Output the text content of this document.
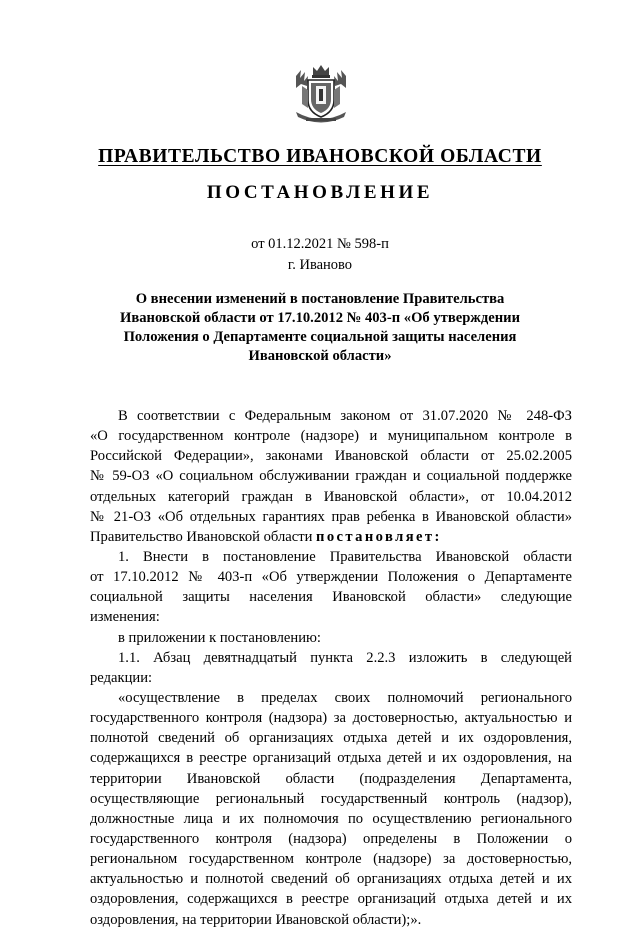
ПРАВИТЕЛЬСТВО ИВАНОВСКОЙ ОБЛАСТИ
ПОСТАНОВЛЕНИЕ
от 01.12.2021 № 598-п
г. Иваново
О внесении изменений в постановление Правительства
Ивановской области от 17.10.2012 № 403-п «Об утверждении
Положения о Департаменте социальной защиты населения
Ивановской области»
В соответствии с Федеральным законом от 31.07.2020 № 248-ФЗ
«О государственном контроле (надзоре) и муниципальном контроле в
Российской Федерации», законами Ивановской области от 25.02.2005
№ 59-ОЗ «О социальном обслуживании граждан и социальной поддержке
отдельных категорий граждан в Ивановской области», от 10.04.2012
№ 21-ОЗ «Об отдельных гарантиях прав ребенка в Ивановской области»
Правительство Ивановской области постановляет:
1. Внести в постановление Правительства Ивановской области
от 17.10.2012 № 403-п «Об утверждении Положения о Департаменте
социальной защиты населения Ивановской области» следующие
изменения:
в приложении к постановлению:
1.1. Абзац девятнадцатый пункта 2.2.3 изложить в следующей
редакции:
«осуществление в пределах своих полномочий регионального
государственного контроля (надзора) за достоверностью, актуальностью и
полнотой сведений об организациях отдыха детей и их оздоровления,
содержащихся в реестре организаций отдыха детей и их оздоровления, на
территории Ивановской области (подразделения Департамента,
осуществляющие региональный государственный контроль (надзор),
должностные лица и их полномочия по осуществлению регионального
государственного контроля (надзора) определены в Положении о
региональном государственном контроле (надзоре) за достоверностью,
актуальностью и полнотой сведений об организациях отдыха детей и их
оздоровления, содержащихся в реестре организаций отдыха детей и их
оздоровления, на территории Ивановской области);».
